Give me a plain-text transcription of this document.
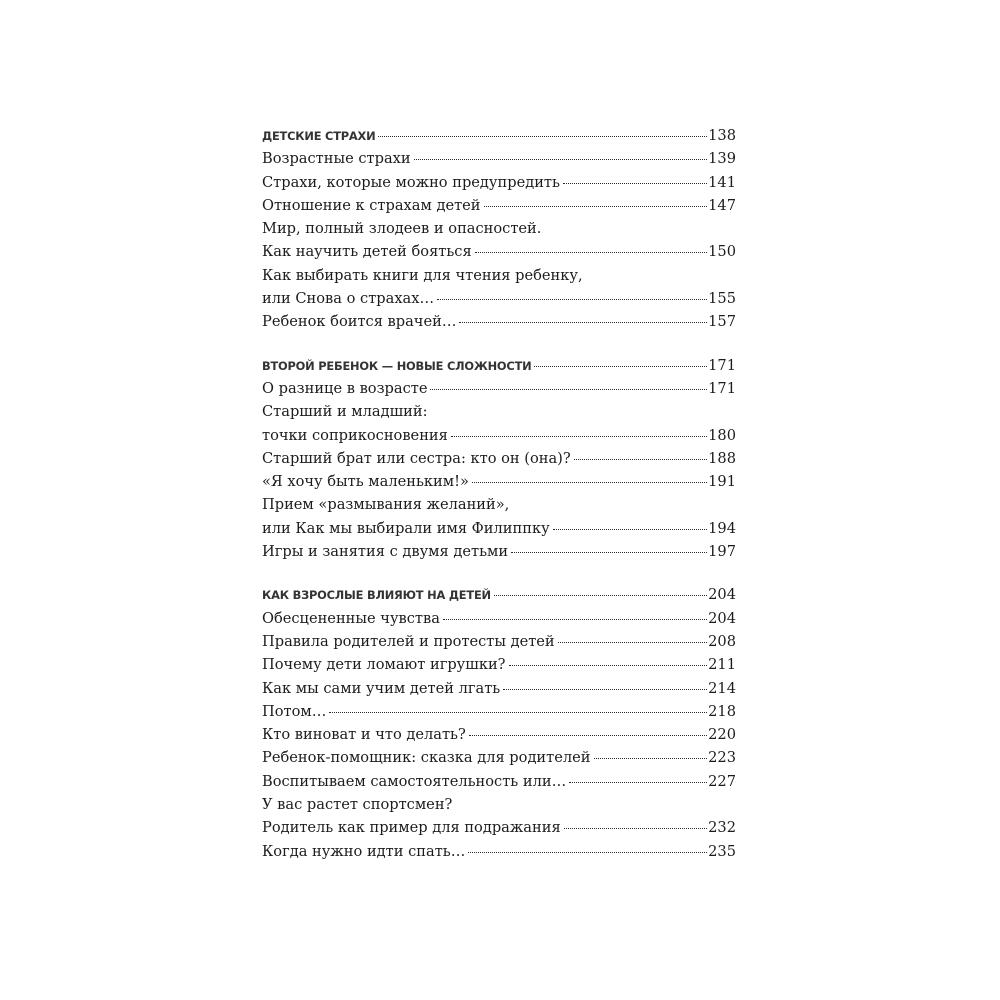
ДЕТСКИЕ СТРАХИ	138
Возрастные страхи	139
Страхи, которые можно предупредить	141
Отношение к страхам детей	147
Мир, полный злодеев и опасностей.
Как научить детей бояться	150
Как выбирать книги для чтения ребенку,
или Снова о страхах…	155
Ребенок боится врачей…	157
ВТОРОЙ РЕБЕНОК — НОВЫЕ СЛОЖНОСТИ	171
О разнице в возрасте	171
Старший и младший:
точки соприкосновения	180
Старший брат или сестра: кто он (она)?	188
«Я хочу быть маленьким!»	191
Прием «размывания желаний»,
или Как мы выбирали имя Филиппку	194
Игры и занятия с двумя детьми	197
КАК ВЗРОСЛЫЕ ВЛИЯЮТ НА ДЕТЕЙ	204
Обесцененные чувства	204
Правила родителей и протесты детей	208
Почему дети ломают игрушки?	211
Как мы сами учим детей лгать	214
Потом…	218
Кто виноват и что делать?	220
Ребенок-помощник: сказка для родителей	223
Воспитываем самостоятельность или…	227
У вас растет спортсмен?
Родитель как пример для подражания	232
Когда нужно идти спать…	235
